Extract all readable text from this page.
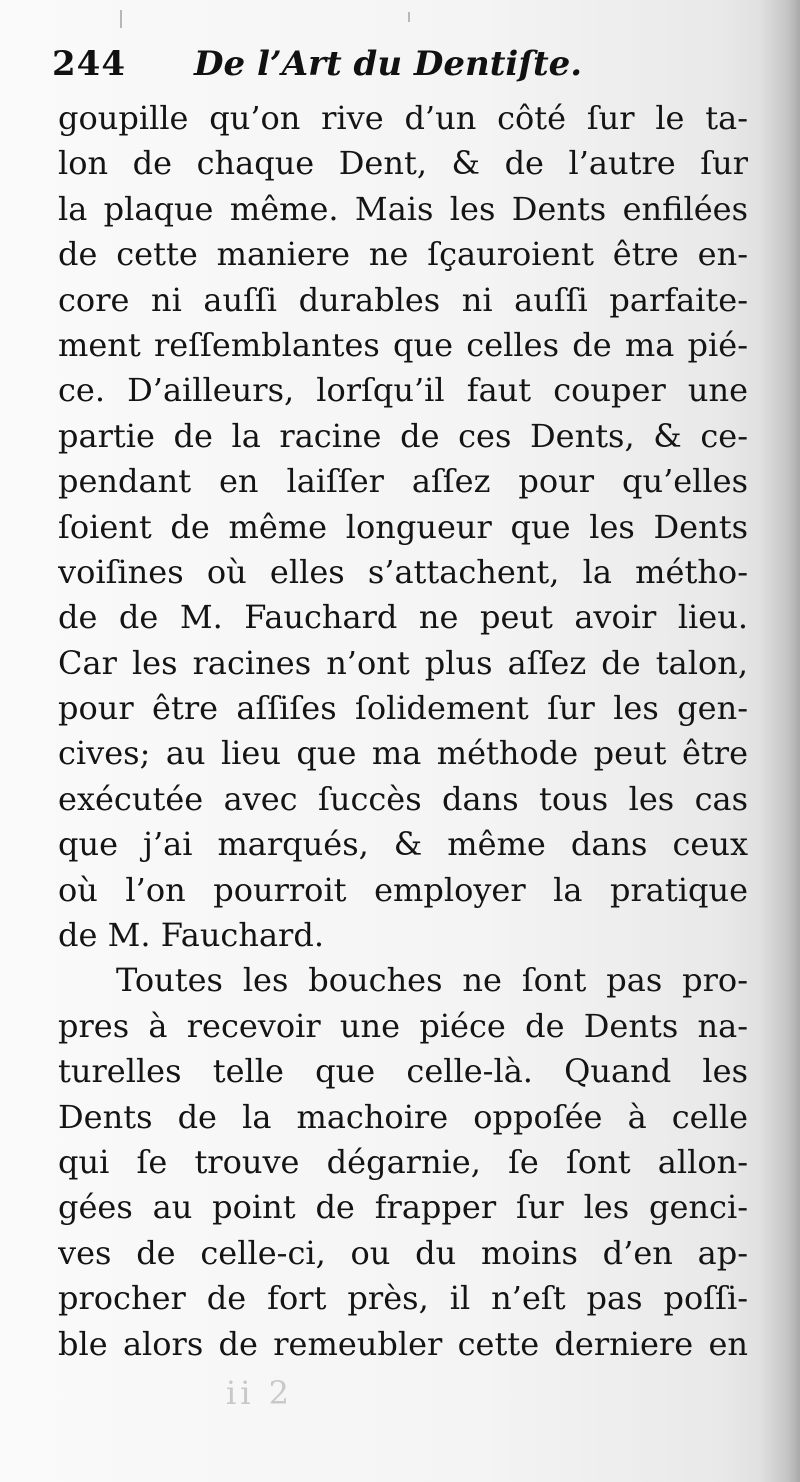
244 De l’Art du Dentiſte.
goupille qu’on rive d’un côté ſur le ta-
lon de chaque Dent, & de l’autre ſur
la plaque même. Mais les Dents enfilées
de cette maniere ne ſçauroient être en-
core ni auſſi durables ni auſſi parfaite-
ment reſſemblantes que celles de ma pié-
ce. D’ailleurs, lorſqu’il faut couper une
partie de la racine de ces Dents, & ce-
pendant en laiſſer aſſez pour qu’elles
ſoient de même longueur que les Dents
voiſines où elles s’attachent, la métho-
de de M. Fauchard ne peut avoir lieu.
Car les racines n’ont plus aſſez de talon,
pour être aſſiſes ſolidement ſur les gen-
cives; au lieu que ma méthode peut être
exécutée avec ſuccès dans tous les cas
que j’ai marqués, & même dans ceux
où l’on pourroit employer la pratique
de M. Fauchard.
Toutes les bouches ne ſont pas pro-
pres à recevoir une piéce de Dents na-
turelles telle que celle-là. Quand les
Dents de la machoire oppoſée à celle
qui ſe trouve dégarnie, ſe ſont allon-
gées au point de frapper ſur les genci-
ves de celle-ci, ou du moins d’en ap-
procher de fort près, il n’eſt pas poſſi-
ble alors de remeubler cette derniere en
ii 2
